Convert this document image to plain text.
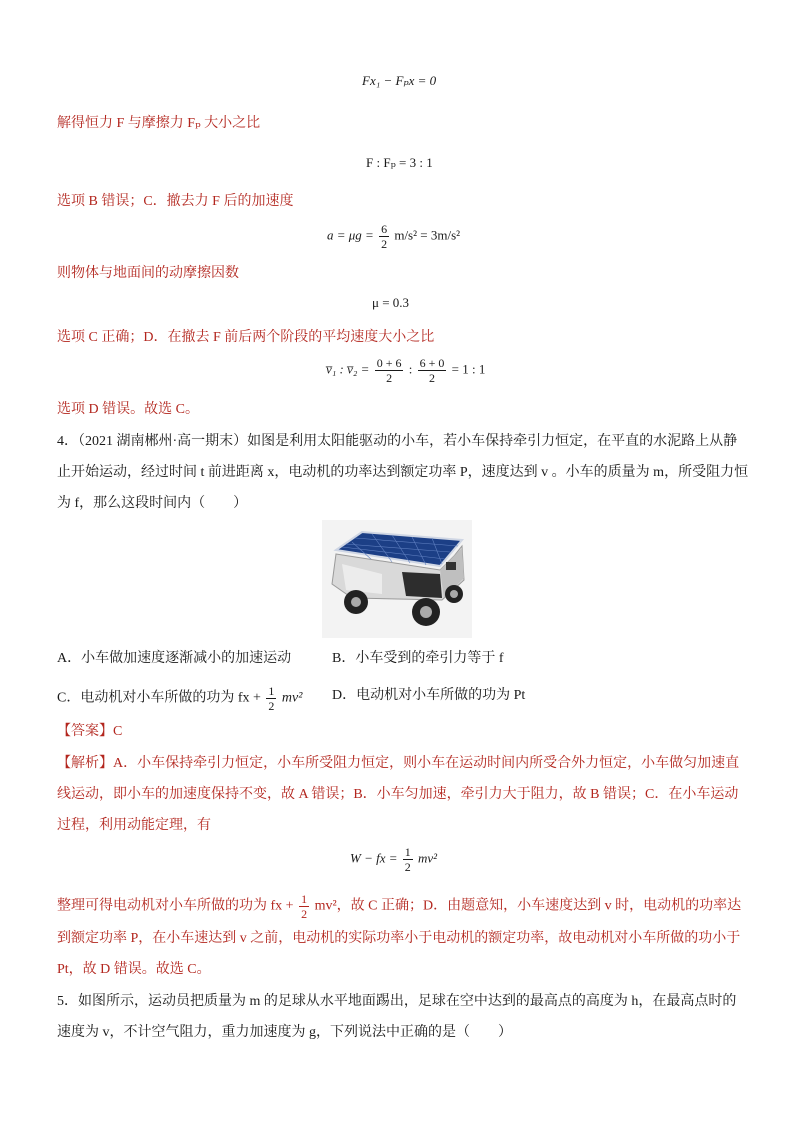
Fx₁ − Fₚx = 0
解得恒力 F 与摩擦力 Fₚ 大小之比
F : Fₚ = 3 : 1
选项 B 错误；C．撤去力 F 后的加速度
$a = \mu g = \frac{6}{2} m/s^2 = 3m/s^2$
则物体与地面间的动摩擦因数
μ = 0.3
选项 C 正确；D．在撤去 F 前后两个阶段的平均速度大小之比
v̅₁ : v̅₂ = $\frac{0 + 6}{2}$ : $\frac{6 + 0}{2} = 1$ : 1
选项 D 错误。故选 C。
4．（2021 湖南郴州·高一期末）如图是利用太阳能驱动的小车，若小车保持牵引力恒定，在平直的水泥路上从静
止开始运动，经过时间 t 前进距离 x，电动机的功率达到额定功率 P，速度达到 v 。小车的质量为 m，所受阻力恒
为 f，那么这段时间内（　　）
A．小车做加速度逐渐减小的加速运动	B．小车受到的牵引力等于 f
C．电动机对小车所做的功为 fx + $\frac{1}{2} mv^2$ D．电动机对小车所做的功为 Pt
【答案】C
【解析】A．小车保持牵引力恒定，小车所受阻力恒定，则小车在运动时间内所受合外力恒定，小车做匀加速直
线运动，即小车的加速度保持不变，故 A 错误；B．小车匀加速，牵引力大于阻力，故 B 错误；C．在小车运动
过程，利用动能定理，有
W − fx = $\frac{1}{2} mv^2$
整理可得电动机对小车所做的功为 fx + $\frac{1}{2} mv^2$，故 C 正确；D．由题意知，小车速度达到 v 时，电动机的功率达
到额定功率 P，在小车速达到 v 之前，电动机的实际功率小于电动机的额定功率，故电动机对小车所做的功小于
Pt，故 D 错误。故选 C。
5．如图所示，运动员把质量为 m 的足球从水平地面踢出，足球在空中达到的最高点的高度为 h，在最高点时的
速度为 v，不计空气阻力，重力加速度为 g，下列说法中正确的是（　　）
